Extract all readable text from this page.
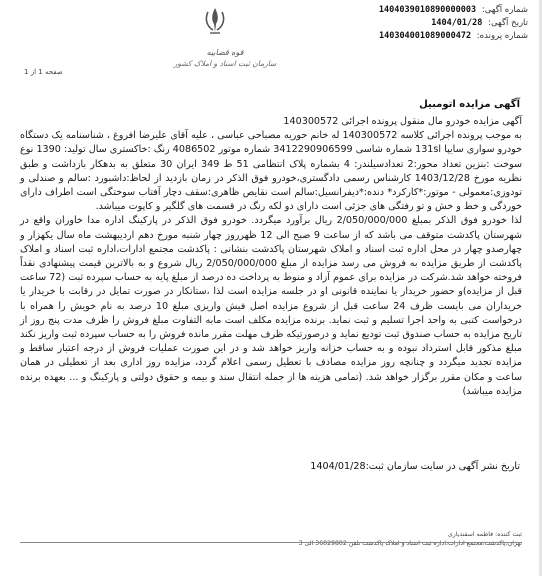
شماره آگهی: 1404039010890000003
تاریخ آگهی: 1404/01/28
شماره پرونده: 140304001089000472
قوه قضاییه
سازمان ثبت اسناد و املاک کشور
صفحه 1 از 1
آگهی مزایده اتومبیل

آگهی مزایده خودرو مال منقول پرونده اجرائی 140300572

به موجب پرونده اجرائی کلاسه 140300572 له خانم حوریه مصباحی عباسی ، علیه آقای علیرضا افروغ ، شناسنامه یک دستگاه خودرو سواری سایپا 131sl شماره شاسی 3412290906599 شماره موتور 4086502 رنگ :خاکستری سال تولید: 1390 نوع سوخت :بنزین تعداد محور:2 تعدادسیلندر: 4 بشماره پلاک انتظامی 51 ط 349 ایران 30 متعلق به بدهکار بازداشت و طبق نظریه مورخ 1403/12/28 کارشناس رسمی دادگستری،خودرو فوق الذکر در زمان بازدید از لحاظ:داشبورد :سالم و صندلی و تودوزی:معمولی - موتور:*کارکرد* دنده:*دیفرانسیل:سالم است نقایص ظاهری:سقف دچار آفتاب سوختگی است اطراف دارای خوردگی و خط و خش و تو رفتگی های جزئی است دارای دو لکه رنگ در قسمت های گلگیر و کاپوت میباشد.

لذا خودرو فوق الذکر بمبلغ 2/050/000/000 ریال برآورد میگردد. خودرو فوق الذکر در پارکینگ اداره مدا خاوران واقع در شهرستان پاکدشت متوقف می باشد که از ساعت 9 صبح الی 12 ظهرروز چهار شنبه مورخ دهم اردیبهشت ماه سال یکهزار و چهارصدو چهار در محل اداره ثبت اسناد و املاک شهرستان پاکدشت بنشانی : پاکدشت مجتمع ادارات،اداره ثبت اسناد و املاک پاکدشت از طریق مزایده به فروش می رسد مزایده از مبلغ 2/050/000/000 ریال شروع و به بالاترین قیمت پیشنهادی نقداً فروخته خواهد شد.شرکت در مزایده برای عموم آزاد و منوط به پرداخت ده درصد از مبلغ پایه به حساب سپرده ثبت (72 ساعت قبل از مزایده)و حضور خریدار یا نماینده قانونی او در جلسه مزایده است لذا ،ستانکار در صورت تمایل در رقابت با خریدار یا خریداران می بایست ظرف 24 ساعت قبل از شروع مزایده اصل فیش واریزی مبلغ 10 درصد به نام خویش را همراه با درخواست کتبی به واحد اجرا تسلیم و ثبت نماید. برنده مزایده مکلف است مابه التفاوت مبلغ فروش را ظرف مدت پنج روز از تاریخ مزایده به حساب صندوق ثبت تودیع نماید و درصورتیکه ظرف مهلت مقرر مانده فروش را به حساب سپرده ثبت واریز نکند مبلغ مذکور قابل استرداد نبوده و به حساب خزانه واریز خواهد شد و در این صورت عملیات فروش از درجه اعتبار ساقط و مزایده تجدید میگردد و چنانچه روز مزایده مصادف با تعطیل رسمی اعلام گردد، مزایده روز اداری بعد از تعطیلی در همان ساعت و مکان مقرر برگزار خواهد شد. (تمامی هزینه ها از جمله انتقال سند و بیمه و حقوق دولتی و پارکینگ و ... بعهده برنده مزایده میباشد)

تاریخ نشر آگهی در سایت سازمان ثبت:1404/01/28
ثبت کننده: فاطمه اسفندیاری
تهران،پاکدشت،مجتمع ادارات،اداره ثبت اسناد و املاک پاکدشت تلفن 36029802 الی 3
